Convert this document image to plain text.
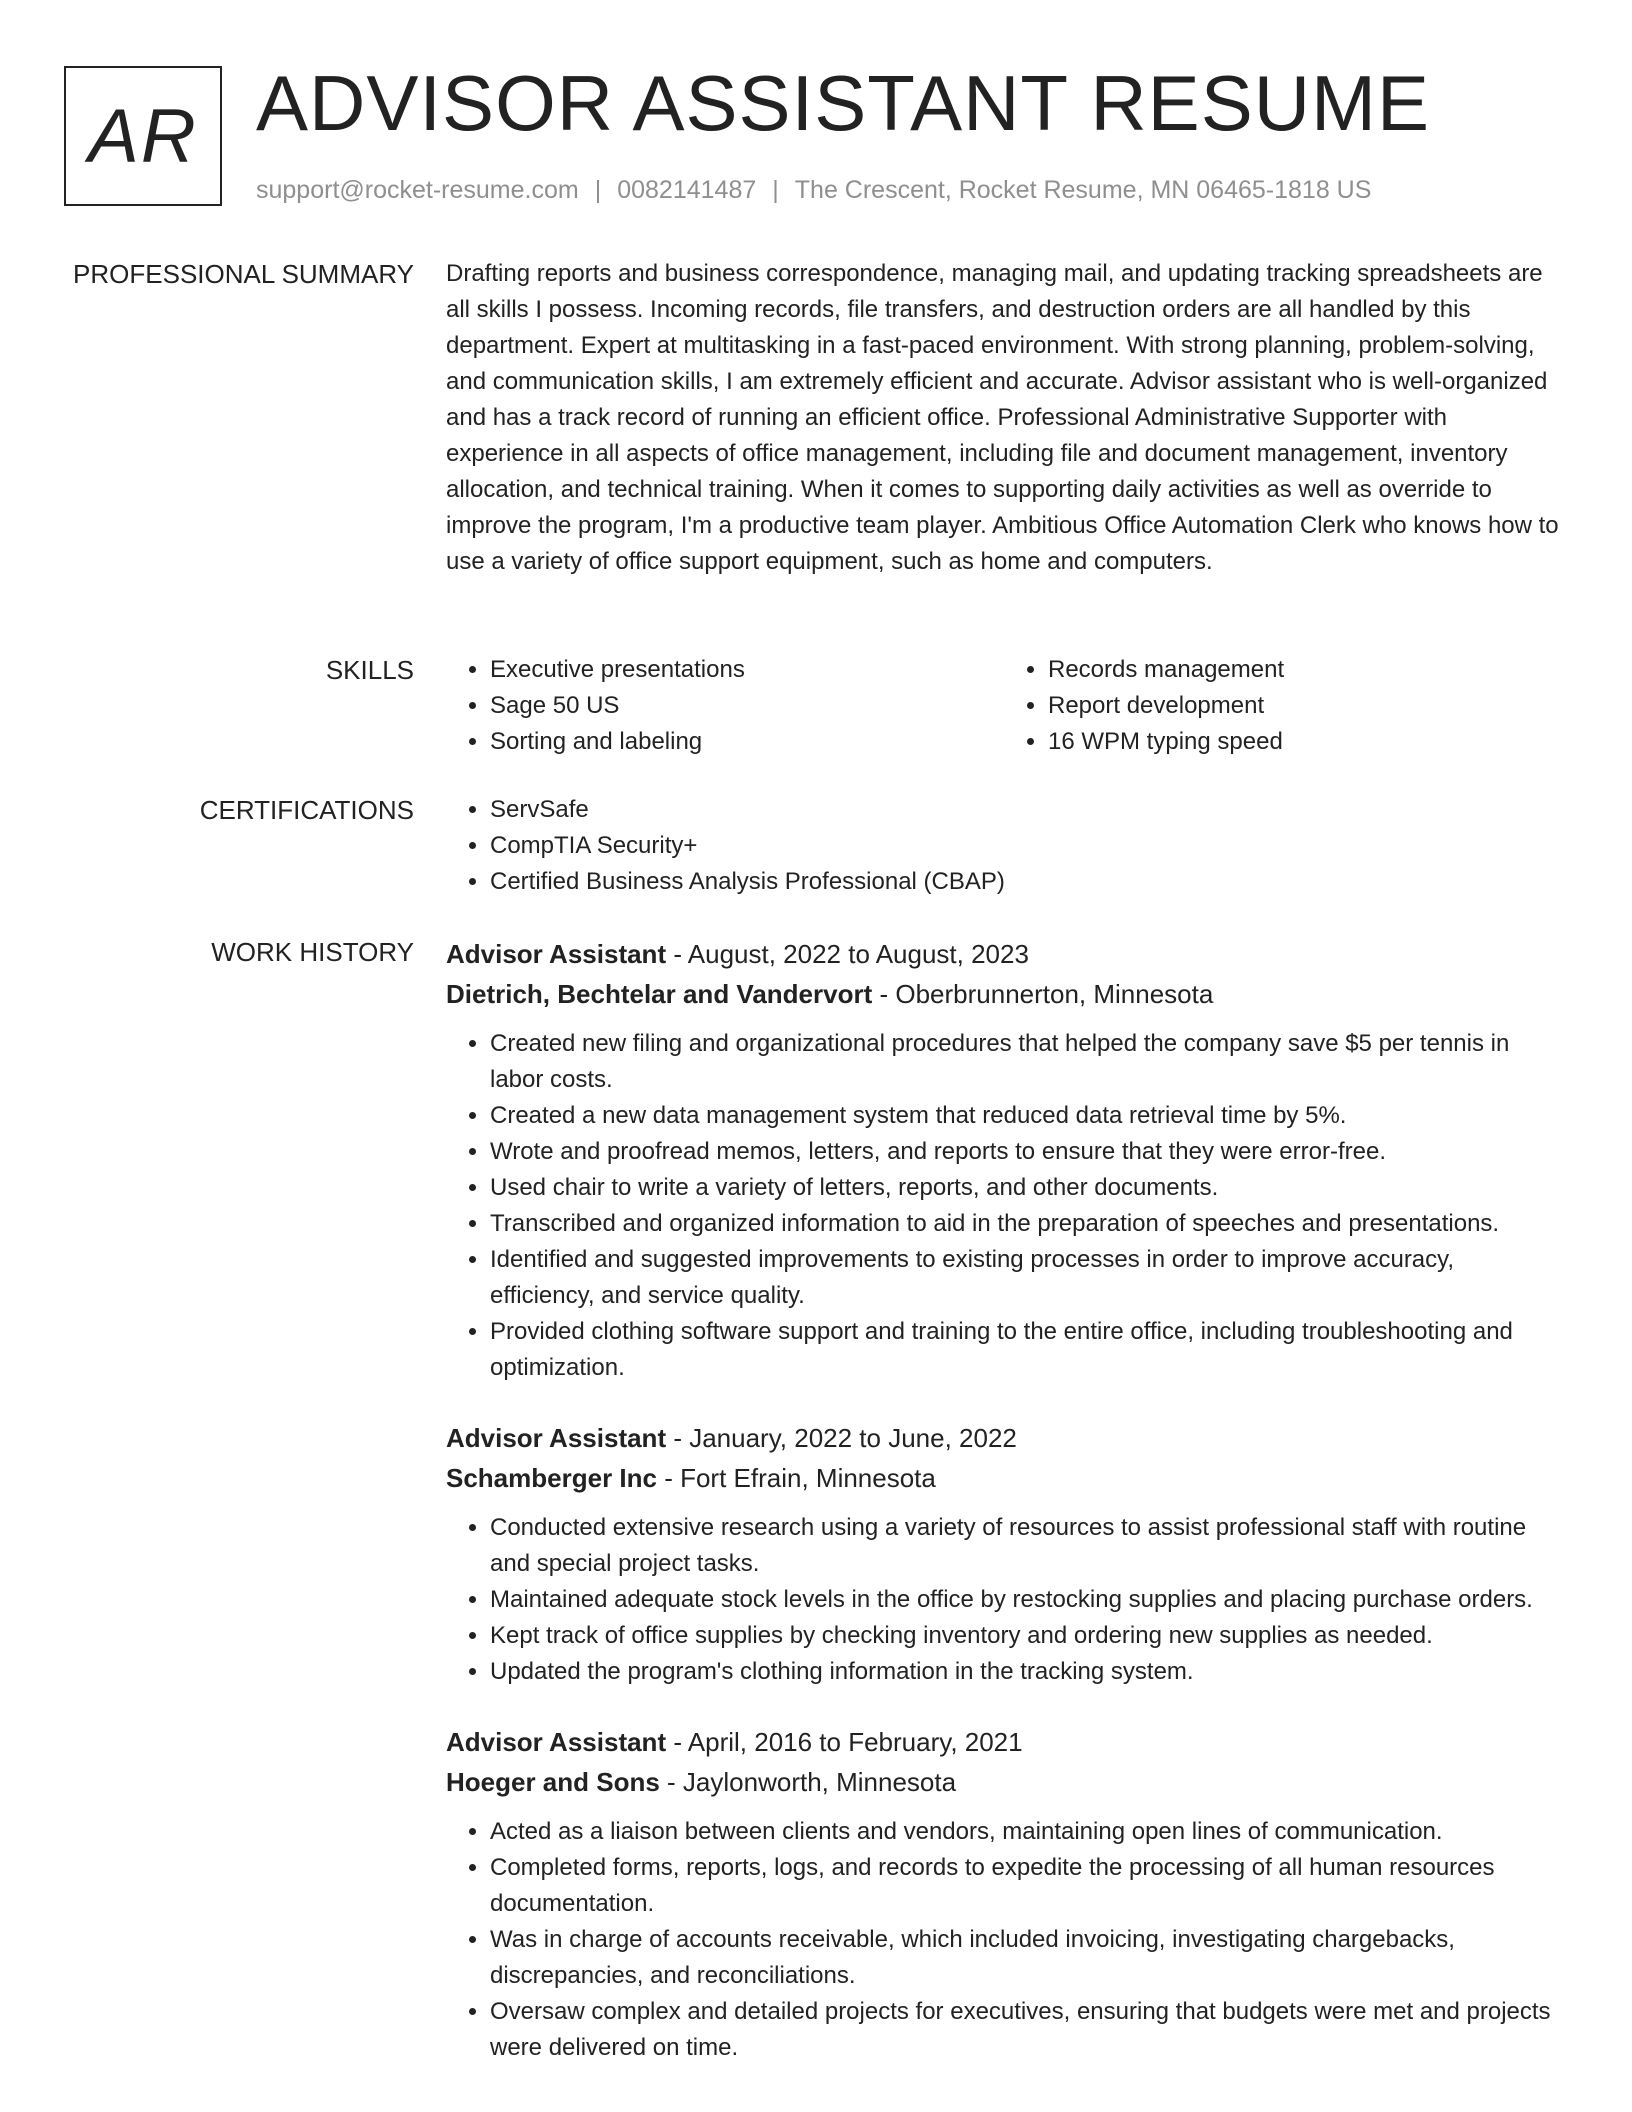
AR ADVISOR ASSISTANT RESUME
support@rocket-resume.com | 0082141487 | The Crescent, Rocket Resume, MN 06465-1818 US
PROFESSIONAL SUMMARY Drafting reports and business correspondence, managing mail, and updating tracking spreadsheets are all skills I possess. Incoming records, file transfers, and destruction orders are all handled by this department. Expert at multitasking in a fast-paced environment. With strong planning, problem-solving, and communication skills, I am extremely efficient and accurate. Advisor assistant who is well-organized and has a track record of running an efficient office. Professional Administrative Supporter with experience in all aspects of office management, including file and document management, inventory allocation, and technical training. When it comes to supporting daily activities as well as override to improve the program, I'm a productive team player. Ambitious Office Automation Clerk who knows how to use a variety of office support equipment, such as home and computers.

SKILLS	• Executive presentations
• Sage 50 US
• Sorting and labeling
• Records management
• Report development
• 16 WPM typing speed
CERTIFICATIONS	• ServSafe
• CompTIA Security+
• Certified Business Analysis Professional (CBAP)
WORK HISTORY Advisor Assistant - August, 2022 to August, 2023
Dietrich, Bechtelar and Vandervort - Oberbrunnerton, Minnesota
• Created new filing and organizational procedures that helped the company save $5 per tennis in labor costs.
• Created a new data management system that reduced data retrieval time by 5%.
• Wrote and proofread memos, letters, and reports to ensure that they were error-free.
• Used chair to write a variety of letters, reports, and other documents.
• Transcribed and organized information to aid in the preparation of speeches and presentations.
• Identified and suggested improvements to existing processes in order to improve accuracy, efficiency, and service quality.
• Provided clothing software support and training to the entire office, including troubleshooting and optimization.
Advisor Assistant - January, 2022 to June, 2022
Schamberger Inc - Fort Efrain, Minnesota
• Conducted extensive research using a variety of resources to assist professional staff with routine and special project tasks.
• Maintained adequate stock levels in the office by restocking supplies and placing purchase orders.
• Kept track of office supplies by checking inventory and ordering new supplies as needed.
• Updated the program's clothing information in the tracking system.
Advisor Assistant - April, 2016 to February, 2021
Hoeger and Sons - Jaylonworth, Minnesota
• Acted as a liaison between clients and vendors, maintaining open lines of communication.
• Completed forms, reports, logs, and records to expedite the processing of all human resources documentation.
• Was in charge of accounts receivable, which included invoicing, investigating chargebacks, discrepancies, and reconciliations.
• Oversaw complex and detailed projects for executives, ensuring that budgets were met and projects were delivered on time.
